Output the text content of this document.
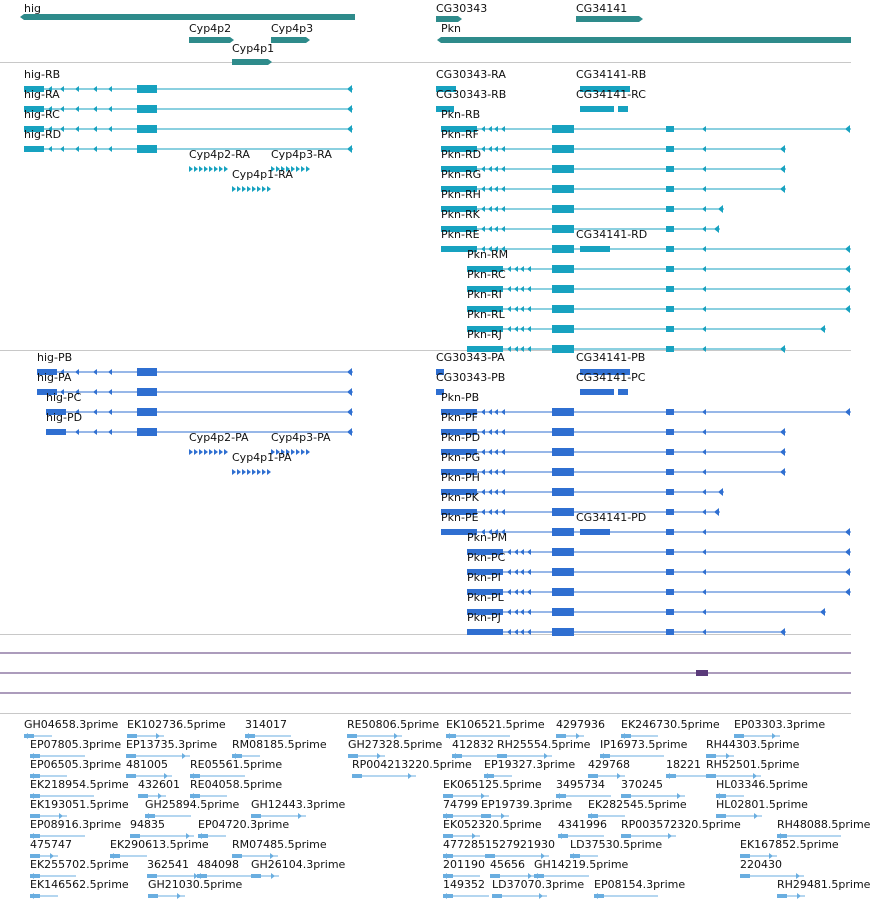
hig
Cyp4p2	Cyp4p3
Cyp4p1
CG30343	CG34141
Pkn
hig-RB
hig-RA
hig-RC
hig-RD
Cyp4p2-RA Cyp4p3-RA
Cyp4p1-RA
CG30343-RA
CG30343-RB
CG34141-RB
CG34141-RC
Pkn-RB
Pkn-RF
Pkn-RD
Pkn-RG
Pkn-RH
Pkn-RK
Pkn-RE
Pkn-RM
Pkn-RC
Pkn-RI
Pkn-RL
Pkn-RJ
CG34141-RD
hig-PB
hig-PA
hig-PC
hig-PD
Cyp4p2-PA Cyp4p3-PA
Cyp4p1-PA
CG30343-PA
CG30343-PB
CG34141-PB
CG34141-PC
Pkn-PB
Pkn-PF
Pkn-PD
Pkn-PG
Pkn-PH
Pkn-PK
Pkn-PE
Pkn-PM
Pkn-PC
Pkn-PI
Pkn-PL
Pkn-PJ
CG34141-PD
GH04658.3prime EK102736.5prime 314017	RE50806.5prime EK106521.5prime 4297936 EK246730.5prime EP03303.3prime
EP07805.3prime EP13735.3prime RM08185.5prime GH27328.5prime 412832 RH25554.5prime IP16973.5prime RH44303.5prime
EP06505.3prime 481005 RE05561.5prime	RP004213220.5prime EP19327.3prime 429768	18221 RH52501.5prime
EK218954.5prime 432601 RE04058.5prime	EK065125.5prime 3495734 370245	HL03346.5prime
EK193051.5prime GH25894.5prime GH12443.3prime	74799 EP19739.3prime EK282545.5prime	HL02801.5prime
EP08916.3prime 94835	EP04720.3prime	EK052320.5prime 4341996 RP003572320.5prime	RH48088.5prime
475747	EK290613.5prime RM07485.5prime	477285 1527921930 LD37530.5prime	EK167852.5prime
EK255702.5prime 362541 484098 GH26104.3prime	201190 45656 GH14219.5prime	220430
EK146562.5prime GH21030.5prime	149352 LD37070.3prime EP08154.3prime	RH29481.5prime
